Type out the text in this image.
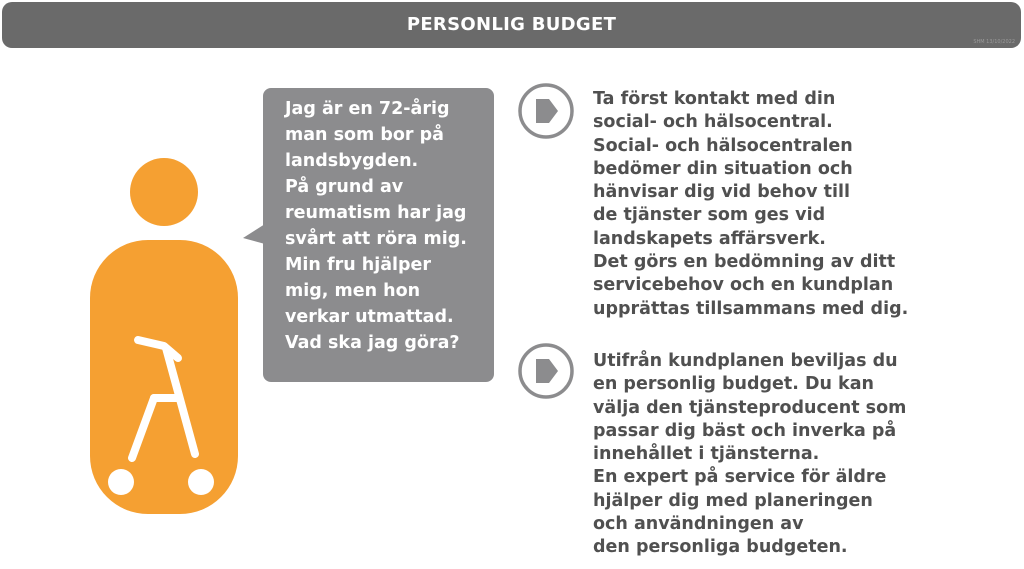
PERSONLIG BUDGET
SHM 13/10/2022
Jag är en 72-årig
man som bor på
landsbygden.
På grund av
reumatism har jag
svårt att röra mig.
Min fru hjälper
mig, men hon
verkar utmattad.
Vad ska jag göra?
Ta först kontakt med din
social- och hälsocentral.
Social- och hälsocentralen
bedömer din situation och
hänvisar dig vid behov till
de tjänster som ges vid
landskapets affärsverk.
Det görs en bedömning av ditt
servicebehov och en kundplan
upprättas tillsammans med dig.
Utifrån kundplanen beviljas du
en personlig budget. Du kan
välja den tjänsteproducent som
passar dig bäst och inverka på
innehållet i tjänsterna.
En expert på service för äldre
hjälper dig med planeringen
och användningen av
den personliga budgeten.
